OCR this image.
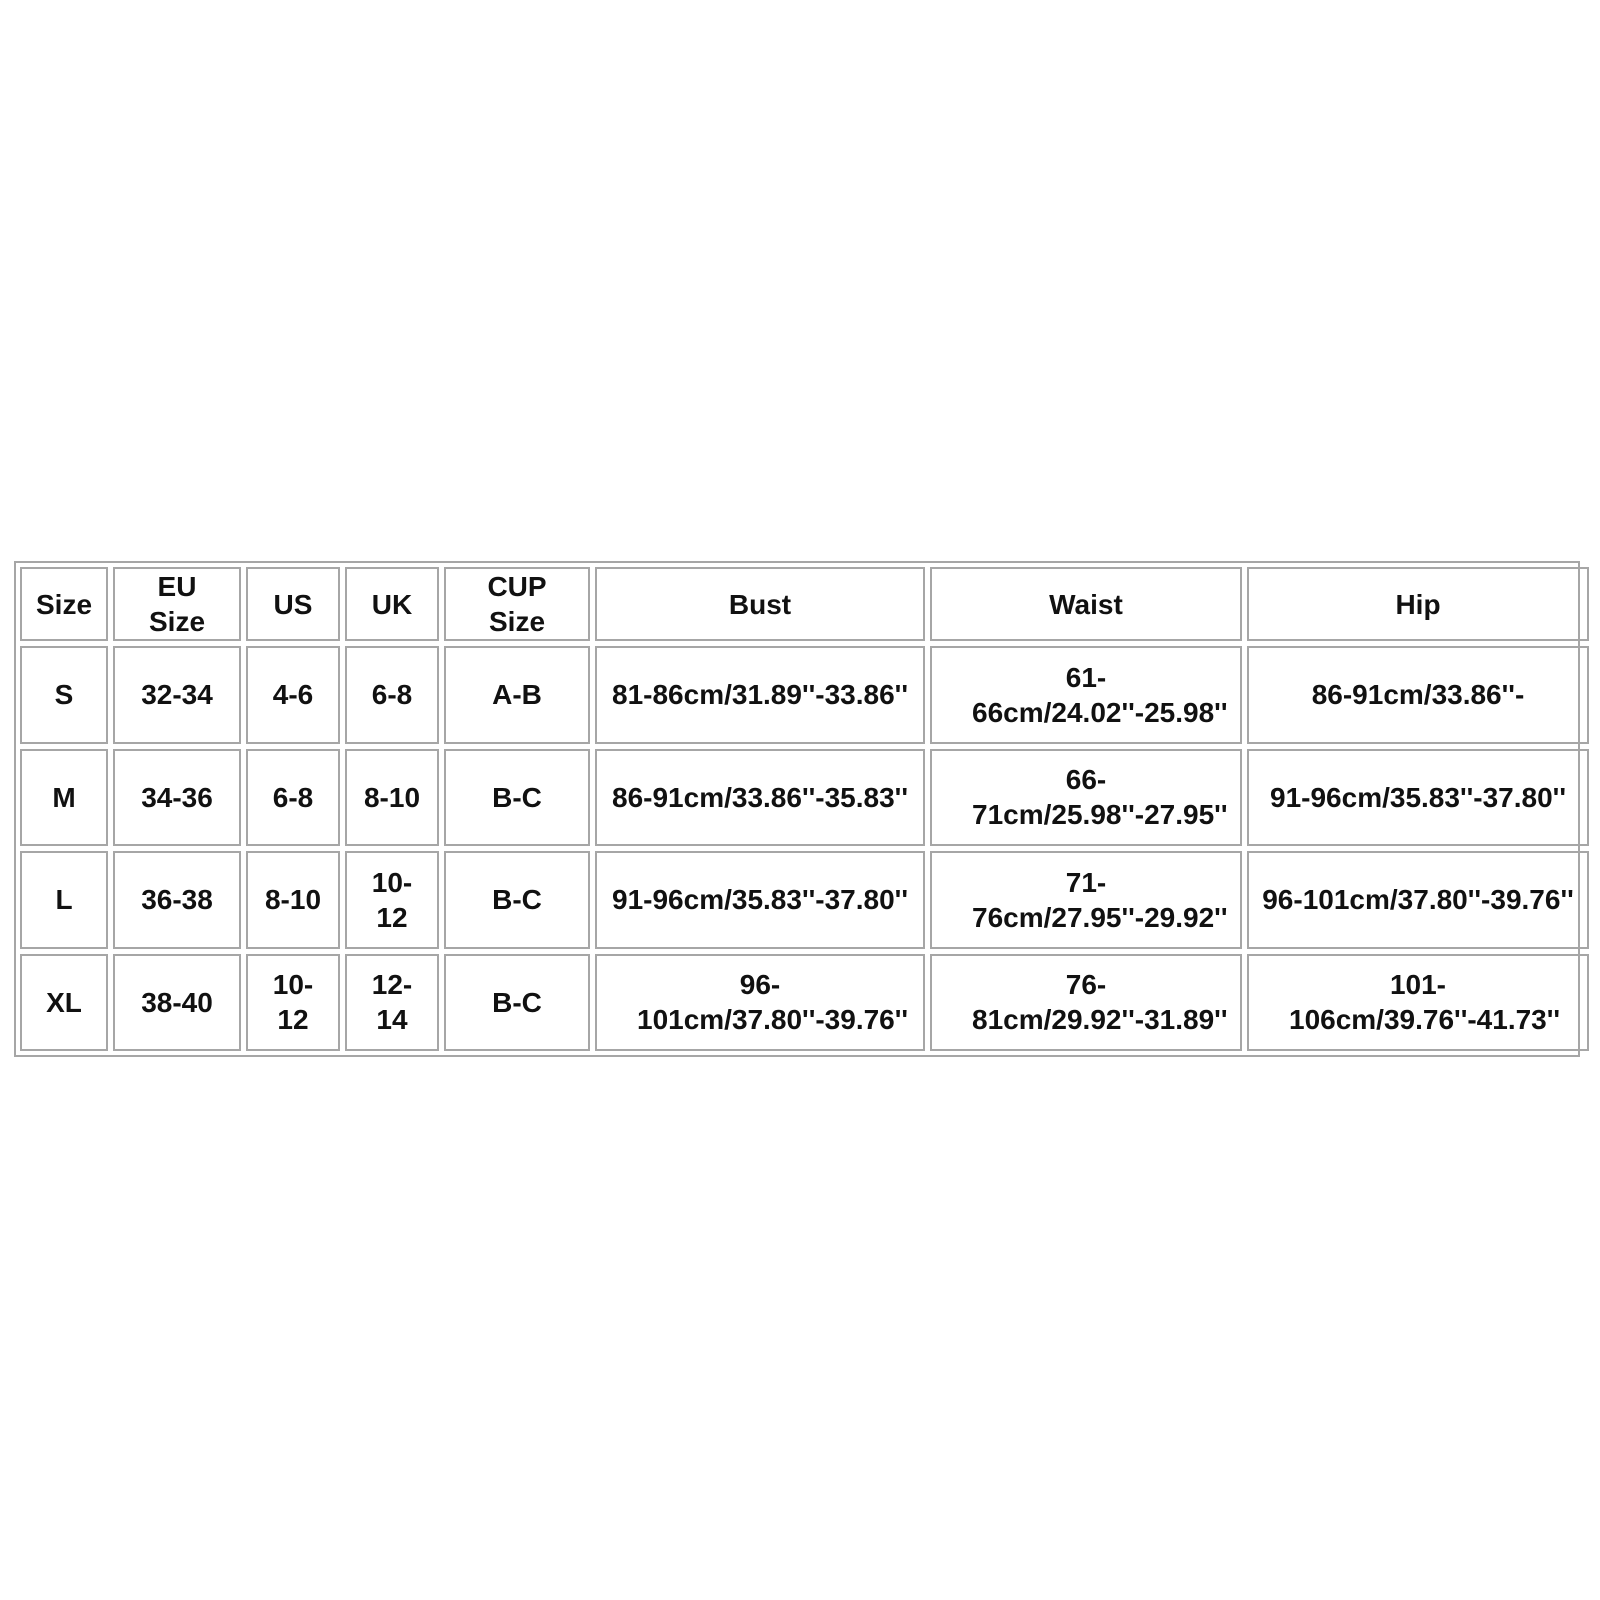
Size	EU Size	US	UK	CUP Size	Bust	Waist	Hip
S	32-34	4-6	6-8	A-B	81-86cm/31.89''-33.86''	61-66cm/24.02''-25.98''	86-91cm/33.86''-
M	34-36	6-8	8-10	B-C	86-91cm/33.86''-35.83''	66-71cm/25.98''-27.95''	91-96cm/35.83''-37.80''
L	36-38	8-10	10-12	B-C	91-96cm/35.83''-37.80''	71-76cm/27.95''-29.92''	96-101cm/37.80''-39.76''
XL	38-40	10-12	12-14	B-C	96-101cm/37.80''-39.76''	76-81cm/29.92''-31.89''	101-106cm/39.76''-41.73''
